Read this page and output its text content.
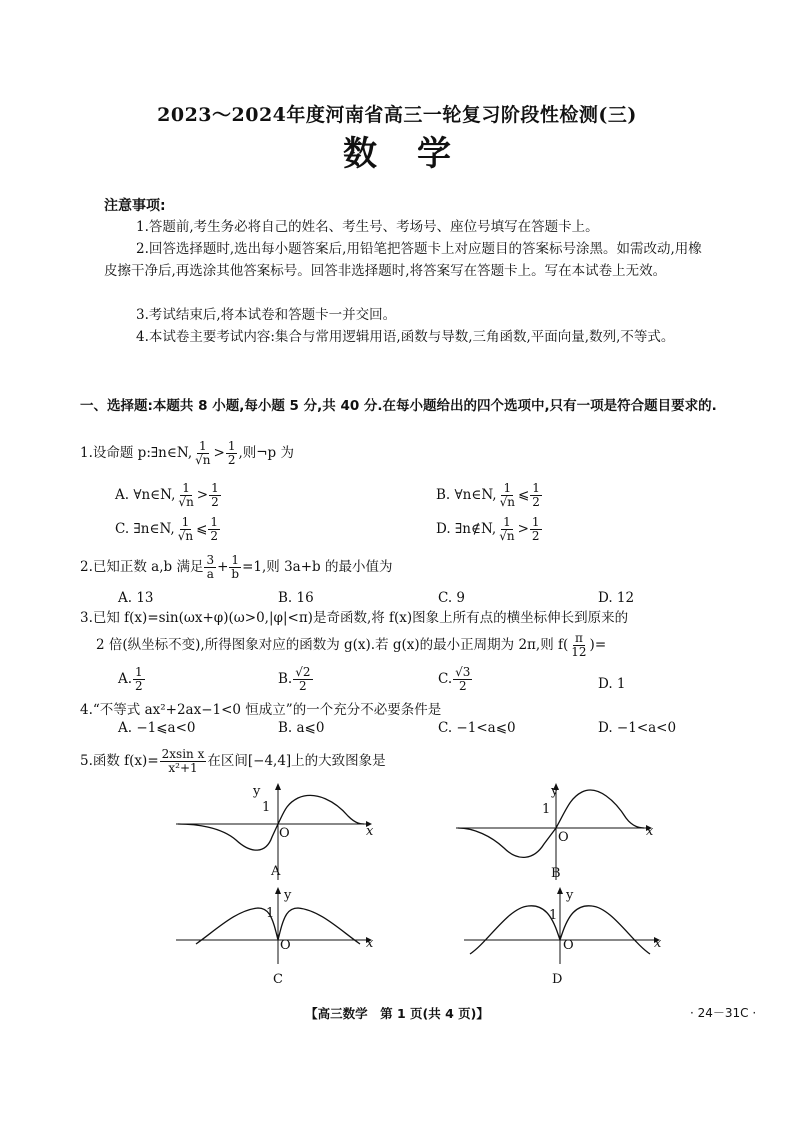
2023～2024年度河南省高三一轮复习阶段性检测(三)
数学
注意事项:
1.答题前,考生务必将自己的姓名、考生号、考场号、座位号填写在答题卡上。
2.回答选择题时,选出每小题答案后,用铅笔把答题卡上对应题目的答案标号涂黑。如需改动,用橡皮擦干净后,再选涂其他答案标号。回答非选择题时,将答案写在答题卡上。写在本试卷上无效。
3.考试结束后,将本试卷和答题卡一并交回。
4.本试卷主要考试内容:集合与常用逻辑用语,函数与导数,三角函数,平面向量,数列,不等式。
一、选择题:本题共 8 小题,每小题 5 分,共 40 分.在每小题给出的四个选项中,只有一项是符合题目要求的.
1.设命题 p:∃n∈N, $\frac{1}{√n} > \frac{1}{2}$ ,则¬p 为
A. ∀n∈N, $\frac{1}{√n} > \frac{1}{2}$	B. ∀n∈N, $\frac{1}{√n}$ ⩽ $\frac{1}{2}$
C. ∃n∈N, $\frac{1}{√n}$ ⩽ $\frac{1}{2}$	D. ∃n∉N, $\frac{1}{√n} > \frac{1}{2}$
2.已知正数 a,b 满足 $\frac{3}{a} + \frac{1}{b} =1$,则 3a+b 的最小值为
A. 13	B. 16	C. 9	D. 12
3.已知 f(x)=sin(ωx+φ)(ω>0,|φ|<π)是奇函数,将 f(x)图象上所有点的横坐标伸长到原来的
2 倍(纵坐标不变),所得图象对应的函数为 g(x).若 g(x)的最小正周期为 2π,则 $f( \frac{\pi}{12}$ )=
A. $\frac{1}{2}$	B. $\frac{√2}{2}$	C. $\frac{√3}{2}$	D. 1
4.“不等式 ax²+2ax−1<0 恒成立”的一个充分不必要条件是
A. −1⩽a<0	B. a⩽0	C. −1<a⩽0	D. −1<a<0
5.函数 $f(x)= \frac{\text{2xsin x}}{\text{x²+1}}$ 在区间[−4,4]上的大致图象是
y
1
O	x
A
y
1
O	x
B
y
1
O	x
C
y
1
O	x
D
【高三数学　第 1 页(共 4 页)】	· 24－31C ·
